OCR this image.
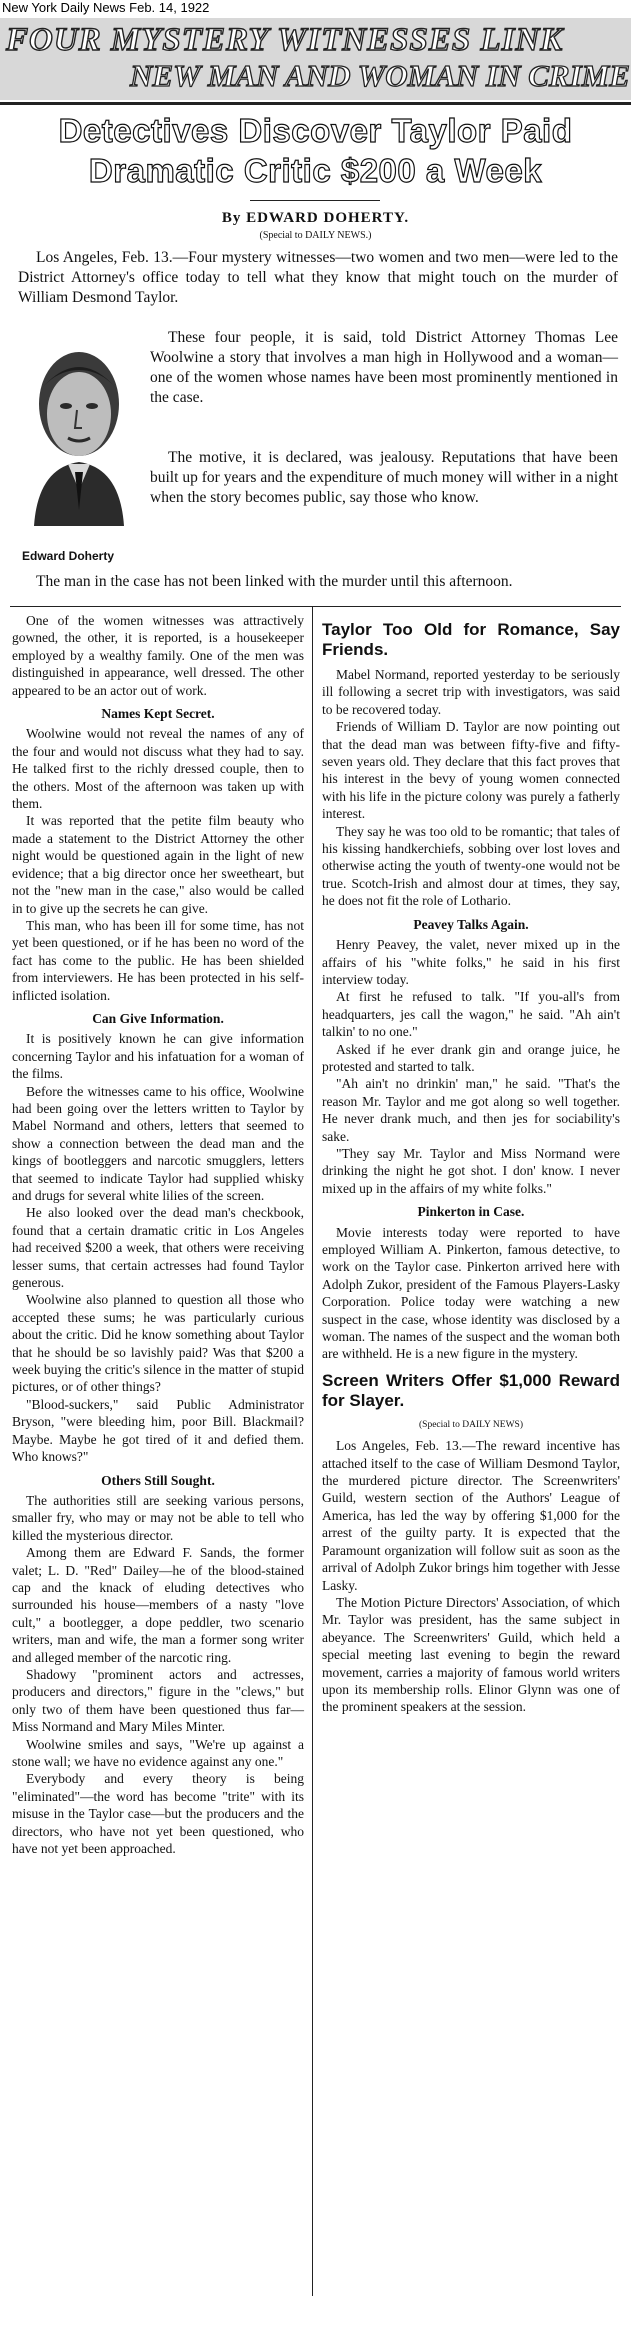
New York Daily News Feb. 14, 1922
FOUR MYSTERY WITNESSES LINK
NEW MAN AND WOMAN IN CRIME
Detectives Discover Taylor Paid
Dramatic Critic $200 a Week
By EDWARD DOHERTY.
(Special to DAILY NEWS.)

Los Angeles, Feb. 13.—Four mystery witnesses—two women and two men—were led to the District Attorney's office today to tell what they know that might touch on the murder of William Desmond Taylor.

Edward Doherty

These four people, it is said, told District Attorney Thomas Lee Woolwine a story that involves a man high in Hollywood and a woman—one of the women whose names have been most prominently mentioned in the case.

The motive, it is declared, was jealousy. Reputations that have been built up for years and the expenditure of much money will wither in a night when the story becomes public, say those who know.

The man in the case has not been linked with the murder until this afternoon.

One of the women witnesses was attractively gowned, the other, it is reported, is a housekeeper employed by a wealthy family. One of the men was distinguished in appearance, well dressed. The other appeared to be an actor out of work.

Names Kept Secret.

Woolwine would not reveal the names of any of the four and would not discuss what they had to say. He talked first to the richly dressed couple, then to the others. Most of the afternoon was taken up with them.

It was reported that the petite film beauty who made a statement to the District Attorney the other night would be questioned again in the light of new evidence; that a big director once her sweetheart, but not the "new man in the case," also would be called in to give up the secrets he can give.

This man, who has been ill for some time, has not yet been questioned, or if he has been no word of the fact has come to the public. He has been shielded from interviewers. He has been protected in his self-inflicted isolation.

Can Give Information.

It is positively known he can give information concerning Taylor and his infatuation for a woman of the films.

Before the witnesses came to his office, Woolwine had been going over the letters written to Taylor by Mabel Normand and others, letters that seemed to show a connection between the dead man and the kings of bootleggers and narcotic smugglers, letters that seemed to indicate Taylor had supplied whisky and drugs for several white lilies of the screen.

He also looked over the dead man's checkbook, found that a certain dramatic critic in Los Angeles had received $200 a week, that others were receiving lesser sums, that certain actresses had found Taylor generous.

Woolwine also planned to question all those who accepted these sums; he was particularly curious about the critic. Did he know something about Taylor that he should be so lavishly paid? Was that $200 a week buying the critic's silence in the matter of stupid pictures, or of other things?

"Blood-suckers," said Public Administrator Bryson, "were bleeding him, poor Bill. Blackmail? Maybe. Maybe he got tired of it and defied them. Who knows?"

Others Still Sought.

The authorities still are seeking various persons, smaller fry, who may or may not be able to tell who killed the mysterious director.

Among them are Edward F. Sands, the former valet; L. D. "Red" Dailey—he of the blood-stained cap and the knack of eluding detectives who surrounded his house—members of a nasty "love cult," a bootlegger, a dope peddler, two scenario writers, man and wife, the man a former song writer and alleged member of the narcotic ring.

Shadowy "prominent actors and actresses, producers and directors," figure in the "clews," but only two of them have been questioned thus far—Miss Normand and Mary Miles Minter.

Woolwine smiles and says, "We're up against a stone wall; we have no evidence against any one."

Everybody and every theory is being "eliminated"—the word has become "trite" with its misuse in the Taylor case—but the producers and the directors, who have not yet been questioned, who have not yet been approached.

Taylor Too Old for Romance, Say Friends.

Mabel Normand, reported yesterday to be seriously ill following a secret trip with investigators, was said to be recovered today.

Friends of William D. Taylor are now pointing out that the dead man was between fifty-five and fifty-seven years old. They declare that this fact proves that his interest in the bevy of young women connected with his life in the picture colony was purely a fatherly interest.

They say he was too old to be romantic; that tales of his kissing handkerchiefs, sobbing over lost loves and otherwise acting the youth of twenty-one would not be true. Scotch-Irish and almost dour at times, they say, he does not fit the role of Lothario.

Peavey Talks Again.

Henry Peavey, the valet, never mixed up in the affairs of his "white folks," he said in his first interview today.

At first he refused to talk. "If you-all's from headquarters, jes call the wagon," he said. "Ah ain't talkin' to no one."

Asked if he ever drank gin and orange juice, he protested and started to talk.

"Ah ain't no drinkin' man," he said. "That's the reason Mr. Taylor and me got along so well together. He never drank much, and then jes for sociability's sake.

"They say Mr. Taylor and Miss Normand were drinking the night he got shot. I don' know. I never mixed up in the affairs of my white folks."

Pinkerton in Case.

Movie interests today were reported to have employed William A. Pinkerton, famous detective, to work on the Taylor case. Pinkerton arrived here with Adolph Zukor, president of the Famous Players-Lasky Corporation. Police today were watching a new suspect in the case, whose identity was disclosed by a woman. The names of the suspect and the woman both are withheld. He is a new figure in the mystery.

Screen Writers Offer $1,000 Reward for Slayer.
(Special to DAILY NEWS)

Los Angeles, Feb. 13.—The reward incentive has attached itself to the case of William Desmond Taylor, the murdered picture director. The Screenwriters' Guild, western section of the Authors' League of America, has led the way by offering $1,000 for the arrest of the guilty party. It is expected that the Paramount organization will follow suit as soon as the arrival of Adolph Zukor brings him together with Jesse Lasky.

The Motion Picture Directors' Association, of which Mr. Taylor was president, has the same subject in abeyance. The Screenwriters' Guild, which held a special meeting last evening to begin the reward movement, carries a majority of famous world writers upon its membership rolls. Elinor Glynn was one of the prominent speakers at the session.
